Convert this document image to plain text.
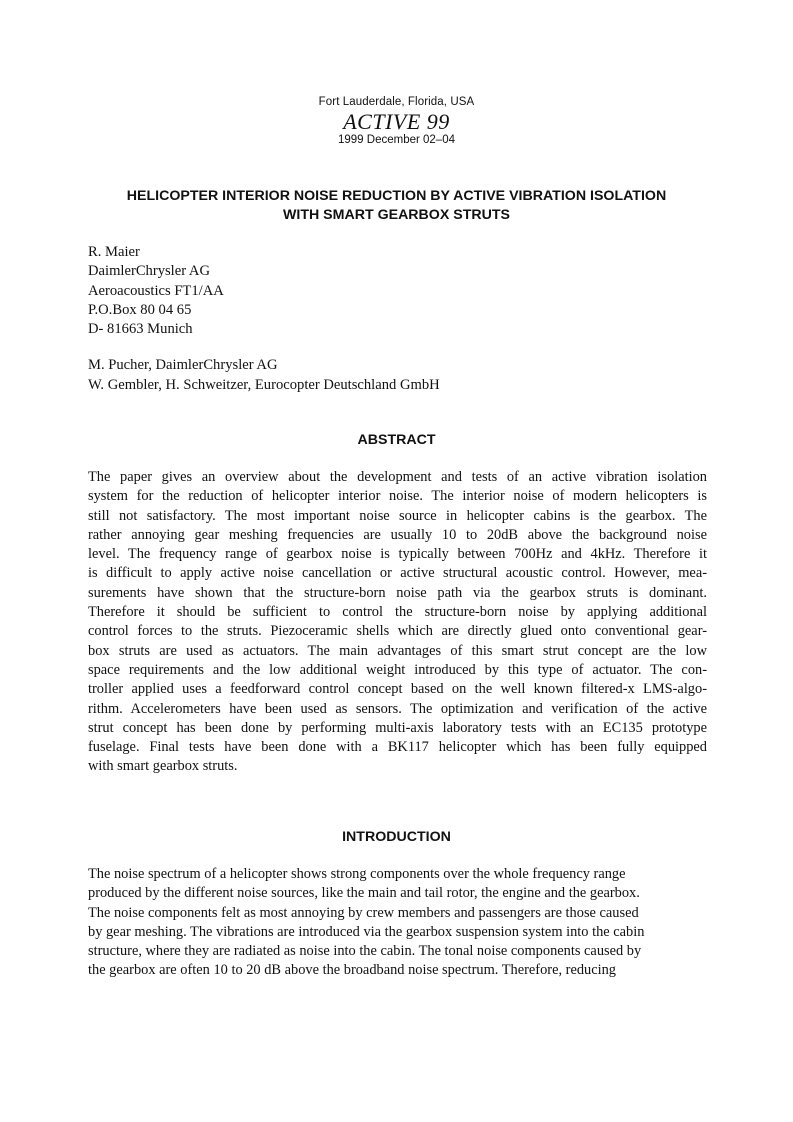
Fort Lauderdale, Florida, USA
ACTIVE 99
1999 December 02–04
HELICOPTER INTERIOR NOISE REDUCTION BY ACTIVE VIBRATION ISOLATION
WITH SMART GEARBOX STRUTS
R. Maier
DaimlerChrysler AG
Aeroacoustics FT1/AA
P.O.Box 80 04 65
D- 81663 Munich
M. Pucher, DaimlerChrysler AG
W. Gembler, H. Schweitzer, Eurocopter Deutschland GmbH
ABSTRACT
The paper gives an overview about the development and tests of an active vibration isolation
system for the reduction of helicopter interior noise. The interior noise of modern helicopters is
still not satisfactory. The most important noise source in helicopter cabins is the gearbox. The
rather annoying gear meshing frequencies are usually 10 to 20dB above the background noise
level. The frequency range of gearbox noise is typically between 700Hz and 4kHz. Therefore it
is difficult to apply active noise cancellation or active structural acoustic control. However, mea-
surements have shown that the structure-born noise path via the gearbox struts is dominant.
Therefore it should be sufficient to control the structure-born noise by applying additional
control forces to the struts. Piezoceramic shells which are directly glued onto conventional gear-
box struts are used as actuators. The main advantages of this smart strut concept are the low
space requirements and the low additional weight introduced by this type of actuator. The con-
troller applied uses a feedforward control concept based on the well known filtered-x LMS-algo-
rithm. Accelerometers have been used as sensors. The optimization and verification of the active
strut concept has been done by performing multi-axis laboratory tests with an EC135 prototype
fuselage. Final tests have been done with a BK117 helicopter which has been fully equipped
with smart gearbox struts.
INTRODUCTION
The noise spectrum of a helicopter shows strong components over the whole frequency range
produced by the different noise sources, like the main and tail rotor, the engine and the gearbox.
The noise components felt as most annoying by crew members and passengers are those caused
by gear meshing. The vibrations are introduced via the gearbox suspension system into the cabin
structure, where they are radiated as noise into the cabin. The tonal noise components caused by
the gearbox are often 10 to 20 dB above the broadband noise spectrum. Therefore, reducing
